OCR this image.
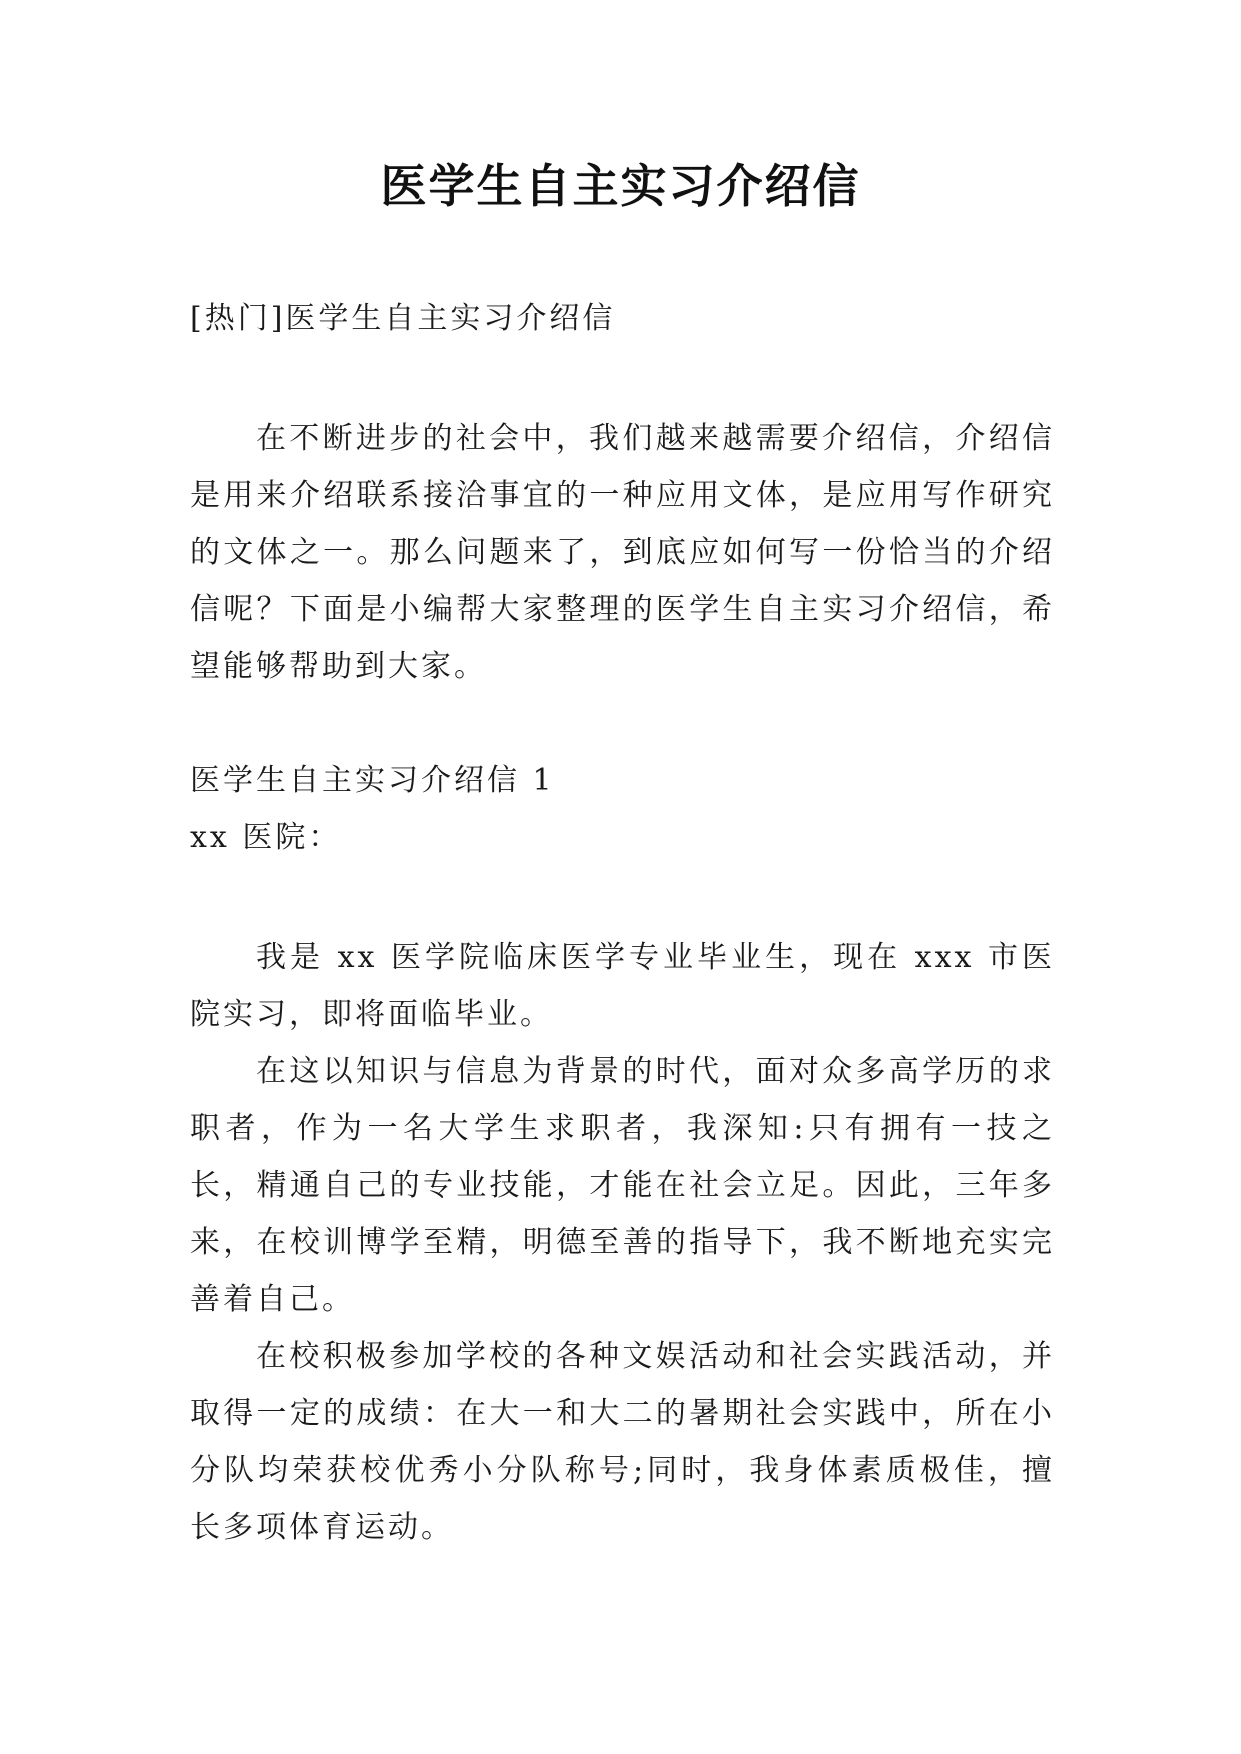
医学生自主实习介绍信

[热门]医学生自主实习介绍信

在不断进步的社会中，我们越来越需要介绍信，介绍信是用来介绍联系接洽事宜的一种应用文体，是应用写作研究的文体之一。那么问题来了，到底应如何写一份恰当的介绍信呢？下面是小编帮大家整理的医学生自主实习介绍信，希望能够帮助到大家。

医学生自主实习介绍信 1

xx 医院：

我是 xx 医学院临床医学专业毕业生，现在 xxx 市医院实习，即将面临毕业。

在这以知识与信息为背景的时代，面对众多高学历的求职者，作为一名大学生求职者，我深知:只有拥有一技之长，精通自己的专业技能，才能在社会立足。因此，三年多来，在校训博学至精，明德至善的指导下，我不断地充实完善着自己。

在校积极参加学校的各种文娱活动和社会实践活动，并取得一定的成绩：在大一和大二的暑期社会实践中，所在小分队均荣获校优秀小分队称号;同时，我身体素质极佳，擅长多项体育运动。
